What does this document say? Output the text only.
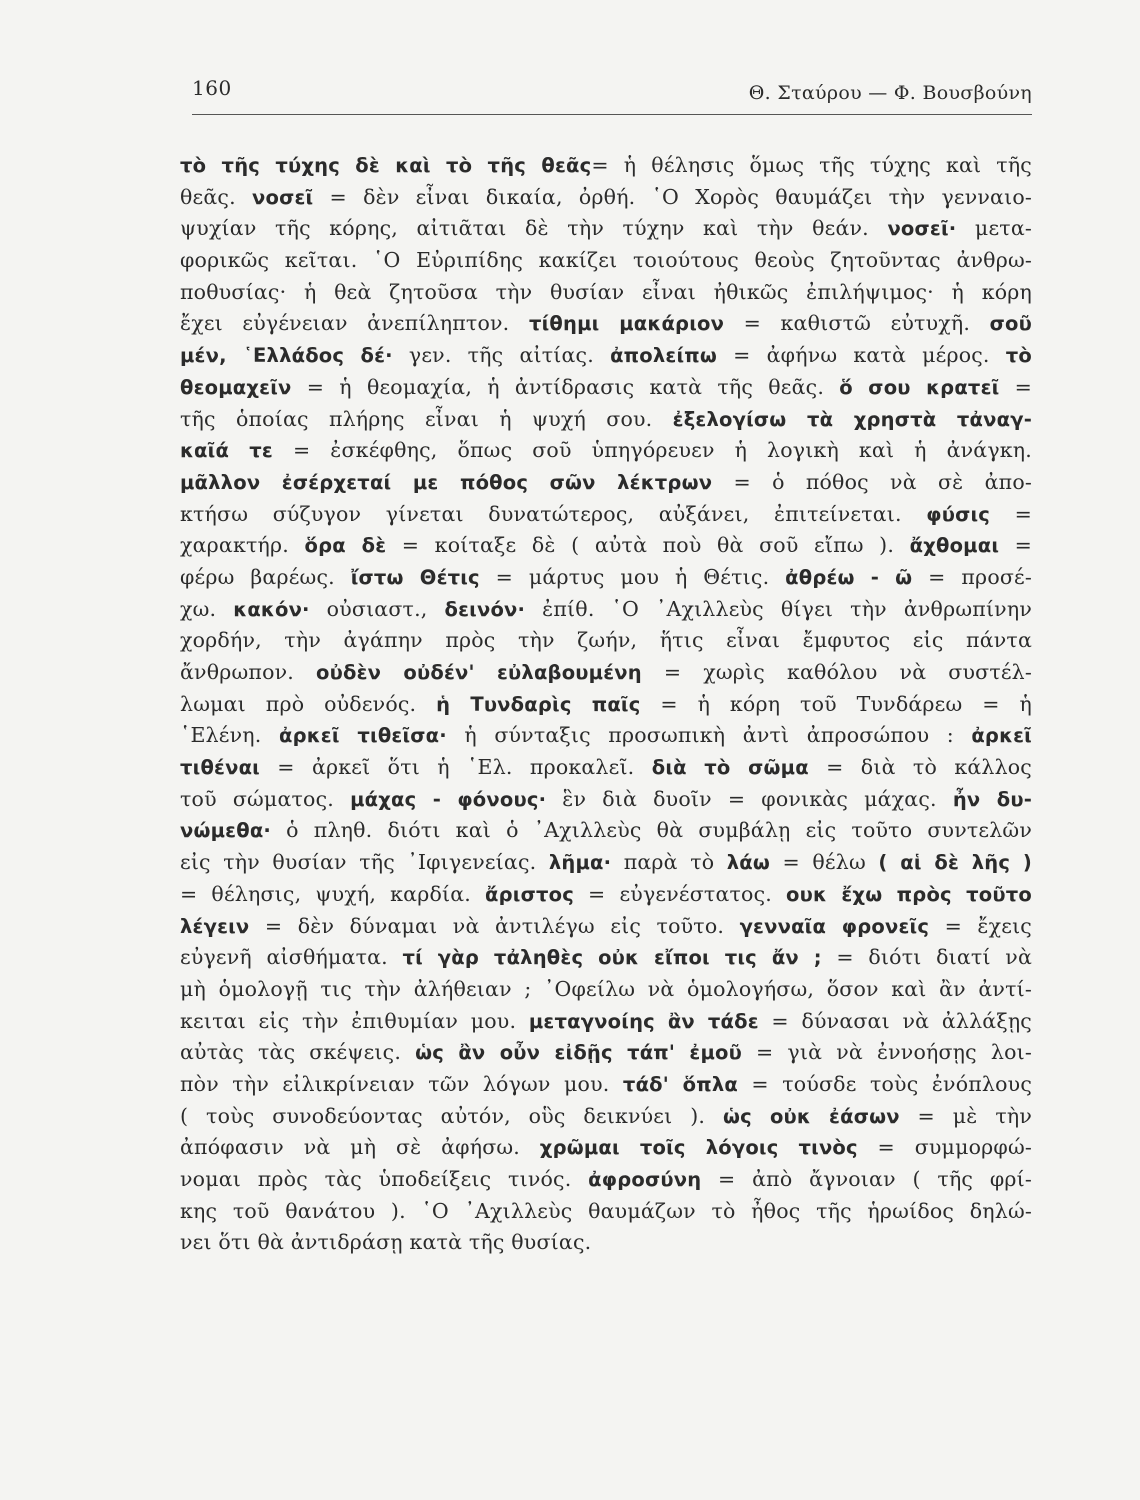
160	Θ. Σταύρου — Φ. Βουσβούνη
τὸ τῆς τύχης δὲ καὶ τὸ τῆς θεᾶς= ἡ θέλησις ὅμως τῆς τύχης καὶ τῆς
θεᾶς. νοσεῖ = δὲν εἶναι δικαία, ὀρθή. ῾Ο Χορὸς θαυμάζει τὴν γενναιο-
ψυχίαν τῆς κόρης, αἰτιᾶται δὲ τὴν τύχην καὶ τὴν θεάν. νοσεῖ· μετα-
φορικῶς κεῖται. ῾Ο Εὐριπίδης κακίζει τοιούτους θεοὺς ζητοῦντας ἀνθρω-
ποθυσίας· ἡ θεὰ ζητοῦσα τὴν θυσίαν εἶναι ἠθικῶς ἐπιλήψιμος· ἡ κόρη
ἔχει εὐγένειαν ἀνεπίληπτον. τίθημι μακάριον = καθιστῶ εὐτυχῆ. σοῦ
μέν, ῾Ελλάδος δέ· γεν. τῆς αἰτίας. ἀπολείπω = ἀφήνω κατὰ μέρος. τὸ
θεομαχεῖν = ἡ θεομαχία, ἡ ἀντίδρασις κατὰ τῆς θεᾶς. ὅ σου κρατεῖ =
τῆς ὁποίας πλήρης εἶναι ἡ ψυχή σου. ἐξελογίσω τὰ χρηστὰ τἀναγ-
καῖά τε = ἐσκέφθης, ὅπως σοῦ ὑπηγόρευεν ἡ λογικὴ καὶ ἡ ἀνάγκη.
μᾶλλον ἐσέρχεταί με πόθος σῶν λέκτρων = ὁ πόθος νὰ σὲ ἀπο-
κτήσω σύζυγον γίνεται δυνατώτερος, αὐξάνει, ἐπιτείνεται. φύσις =
χαρακτήρ. ὅρα δὲ = κοίταξε δὲ ( αὐτὰ ποὺ θὰ σοῦ εἴπω ). ἄχθομαι =
φέρω βαρέως. ἴστω Θέτις = μάρτυς μου ἡ Θέτις. ἀθρέω - ῶ = προσέ-
χω. κακόν· οὐσιαστ., δεινόν· ἐπίθ. ῾Ο ᾿Αχιλλεὺς θίγει τὴν ἀνθρωπίνην
χορδήν, τὴν ἀγάπην πρὸς τὴν ζωήν, ἥτις εἶναι ἔμφυτος εἰς πάντα
ἄνθρωπον. οὐδὲν οὐδέν' εὐλαβουμένη = χωρὶς καθόλου νὰ συστέλ-
λωμαι πρὸ οὐδενός. ἡ Τυνδαρὶς παῖς = ἡ κόρη τοῦ Τυνδάρεω = ἡ
῾Ελένη. ἀρκεῖ τιθεῖσα· ἡ σύνταξις προσωπικὴ ἀντὶ ἀπροσώπου : ἀρκεῖ
τιθέναι = ἀρκεῖ ὅτι ἡ ῾Ελ. προκαλεῖ. διὰ τὸ σῶμα = διὰ τὸ κάλλος
τοῦ σώματος. μάχας - φόνους· ἓν διὰ δυοῖν = φονικὰς μάχας. ἦν δυ-
νώμεθα· ὁ πληθ. διότι καὶ ὁ ᾿Αχιλλεὺς θὰ συμβάλῃ εἰς τοῦτο συντελῶν
εἰς τὴν θυσίαν τῆς ᾿Ιφιγενείας. λῆμα· παρὰ τὸ λάω = θέλω ( αἱ δὲ λῆς )
= θέλησις, ψυχή, καρδία. ἄριστος = εὐγενέστατος. ουκ ἔχω πρὸς τοῦτο
λέγειν = δὲν δύναμαι νὰ ἀντιλέγω εἰς τοῦτο. γενναῖα φρονεῖς = ἔχεις
εὐγενῆ αἰσθήματα. τί γὰρ τἀληθὲς οὐκ εἴποι τις ἄν ; = διότι διατί νὰ
μὴ ὁμολογῇ τις τὴν ἀλήθειαν ; ᾿Οφείλω νὰ ὁμολογήσω, ὅσον καὶ ἂν ἀντί-
κειται εἰς τὴν ἐπιθυμίαν μου. μεταγνοίης ἂν τάδε = δύνασαι νὰ ἀλλάξῃς
αὐτὰς τὰς σκέψεις. ὡς ἂν οὖν εἰδῇς τάπ' ἐμοῦ = γιὰ νὰ ἐννοήσῃς λοι-
πὸν τὴν εἰλικρίνειαν τῶν λόγων μου. τάδ' ὅπλα = τούσδε τοὺς ἐνόπλους
( τοὺς συνοδεύοντας αὐτόν, οὓς δεικνύει ). ὡς οὐκ ἐάσων = μὲ τὴν
ἀπόφασιν νὰ μὴ σὲ ἀφήσω. χρῶμαι τοῖς λόγοις τινὸς = συμμορφώ-
νομαι πρὸς τὰς ὑποδείξεις τινός. ἀφροσύνη = ἀπὸ ἄγνοιαν ( τῆς φρί-
κης τοῦ θανάτου ). ῾Ο ᾿Αχιλλεὺς θαυμάζων τὸ ἦθος τῆς ἡρωίδος δηλώ-
νει ὅτι θὰ ἀντιδράσῃ κατὰ τῆς θυσίας.
